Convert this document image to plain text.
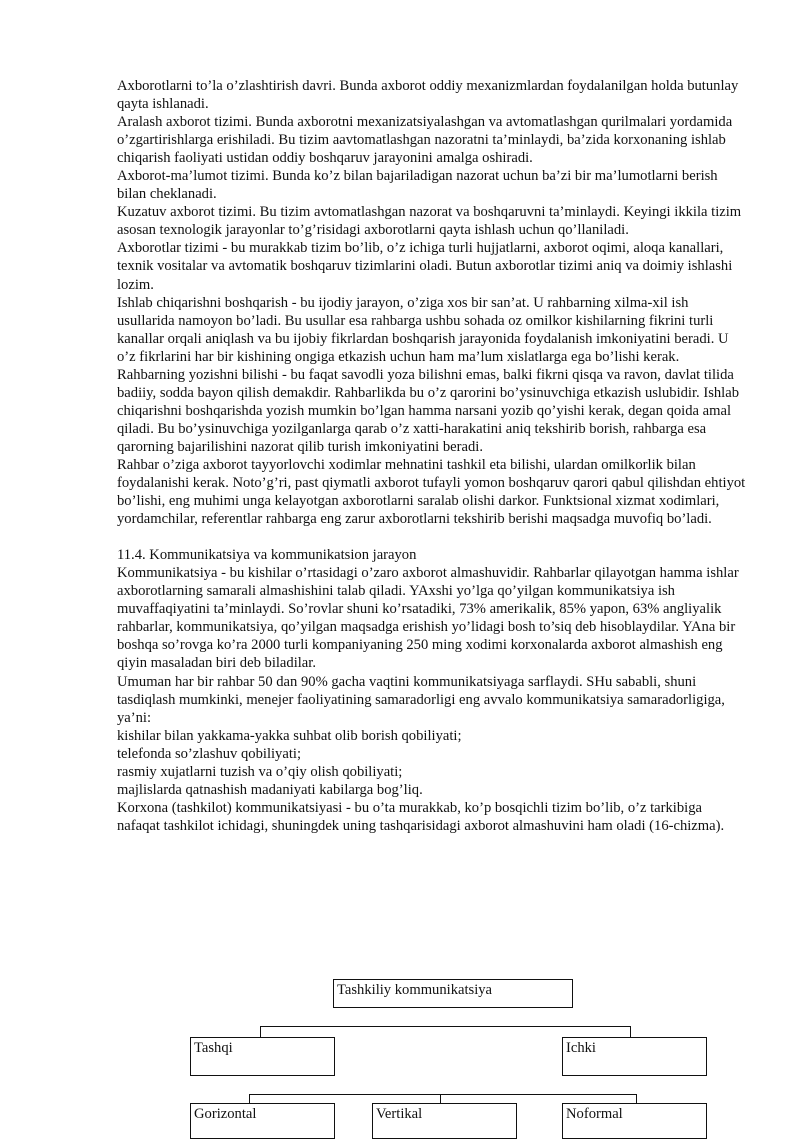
Axborotlarni to’la o’zlashtirish davri. Bunda axborot oddiy mexanizmlardan foydalanilgan holda butunlay qayta ishlanadi.

Aralash axborot tizimi. Bunda axborotni mexanizatsiyalashgan va avtomatlashgan qurilmalari yordamida o’zgartirishlarga erishiladi. Bu tizim aavtomatlashgan nazoratni ta’minlaydi, ba’zida korxonaning ishlab chiqarish faoliyati ustidan oddiy boshqaruv jarayonini amalga oshiradi.

Axborot-ma’lumot tizimi. Bunda ko’z bilan bajariladigan nazorat uchun ba’zi bir ma’lumotlarni berish bilan cheklanadi.

Kuzatuv axborot tizimi. Bu tizim avtomatlashgan nazorat va boshqaruvni ta’minlaydi. Keyingi ikkila tizim asosan texnologik jarayonlar to’g’risidagi axborotlarni qayta ishlash uchun qo’llaniladi.

Axborotlar tizimi - bu murakkab tizim bo’lib, o’z ichiga turli hujjatlarni, axborot oqimi, aloqa kanallari, texnik vositalar va avtomatik boshqaruv tizimlarini oladi. Butun axborotlar tizimi aniq va doimiy ishlashi lozim.

Ishlab chiqarishni boshqarish - bu ijodiy jarayon, o’ziga xos bir san’at. U rahbarning xilma-xil ish usullarida namoyon bo’ladi. Bu usullar esa rahbarga ushbu sohada oz omilkor kishilarning fikrini turli kanallar orqali aniqlash va bu ijobiy fikrlardan boshqarish jarayonida foydalanish imkoniyatini beradi. U o’z fikrlarini har bir kishining ongiga etkazish uchun ham ma’lum xislatlarga ega bo’lishi kerak.

Rahbarning yozishni bilishi - bu faqat savodli yoza bilishni emas, balki fikrni qisqa va ravon, davlat tilida badiiy, sodda bayon qilish demakdir. Rahbarlikda bu o’z qarorini bo’ysinuvchiga etkazish uslubidir. Ishlab chiqarishni boshqarishda yozish mumkin bo’lgan hamma narsani yozib qo’yishi kerak, degan qoida amal qiladi. Bu bo’ysinuvchiga yozilganlarga qarab o’z xatti-harakatini aniq tekshirib borish, rahbarga esa qarorning bajarilishini nazorat qilib turish imkoniyatini beradi.

Rahbar o’ziga axborot tayyorlovchi xodimlar mehnatini tashkil eta bilishi, ulardan omilkorlik bilan foydalanishi kerak. Noto’g’ri, past qiymatli axborot tufayli yomon boshqaruv qarori qabul qilishdan ehtiyot bo’lishi, eng muhimi unga kelayotgan axborotlarni saralab olishi darkor. Funktsional xizmat xodimlari, yordamchilar, referentlar rahbarga eng zarur axborotlarni tekshirib berishi maqsadga muvofiq bo’ladi.

11.4. Kommunikatsiya va kommunikatsion jarayon

Kommunikatsiya - bu kishilar o’rtasidagi o’zaro axborot almashuvidir. Rahbarlar qilayotgan hamma ishlar axborotlarning samarali almashishini talab qiladi. YAxshi yo’lga qo’yilgan kommunikatsiya ish muvaffaqiyatini ta’minlaydi. So’rovlar shuni ko’rsatadiki, 73% amerikalik, 85% yapon, 63% angliyalik rahbarlar, kommunikatsiya, qo’yilgan maqsadga erishish yo’lidagi bosh to’siq deb hisoblaydilar. YAna bir boshqa so’rovga ko’ra 2000 turli kompaniyaning 250 ming xodimi korxonalarda axborot almashish eng qiyin masaladan biri deb biladilar.

Umuman har bir rahbar 50 dan 90% gacha vaqtini kommunikatsiyaga sarflaydi. SHu sababli, shuni tasdiqlash mumkinki, menejer faoliyatining samaradorligi eng avvalo kommunikatsiya samaradorligiga, ya’ni:

kishilar bilan yakkama-yakka suhbat olib borish qobiliyati;

telefonda so’zlashuv qobiliyati;

rasmiy xujatlarni tuzish va o’qiy olish qobiliyati;

majlislarda qatnashish madaniyati kabilarga bog’liq.

Korxona (tashkilot) kommunikatsiyasi - bu o’ta murakkab, ko’p bosqichli tizim bo’lib, o’z tarkibiga nafaqat tashkilot ichidagi, shuningdek uning tashqarisidagi axborot almashuvini ham oladi (16-chizma).

Tashkiliy kommunikatsiya
Tashqi	Ichki
Gorizontal	Vertikal	Noformal
